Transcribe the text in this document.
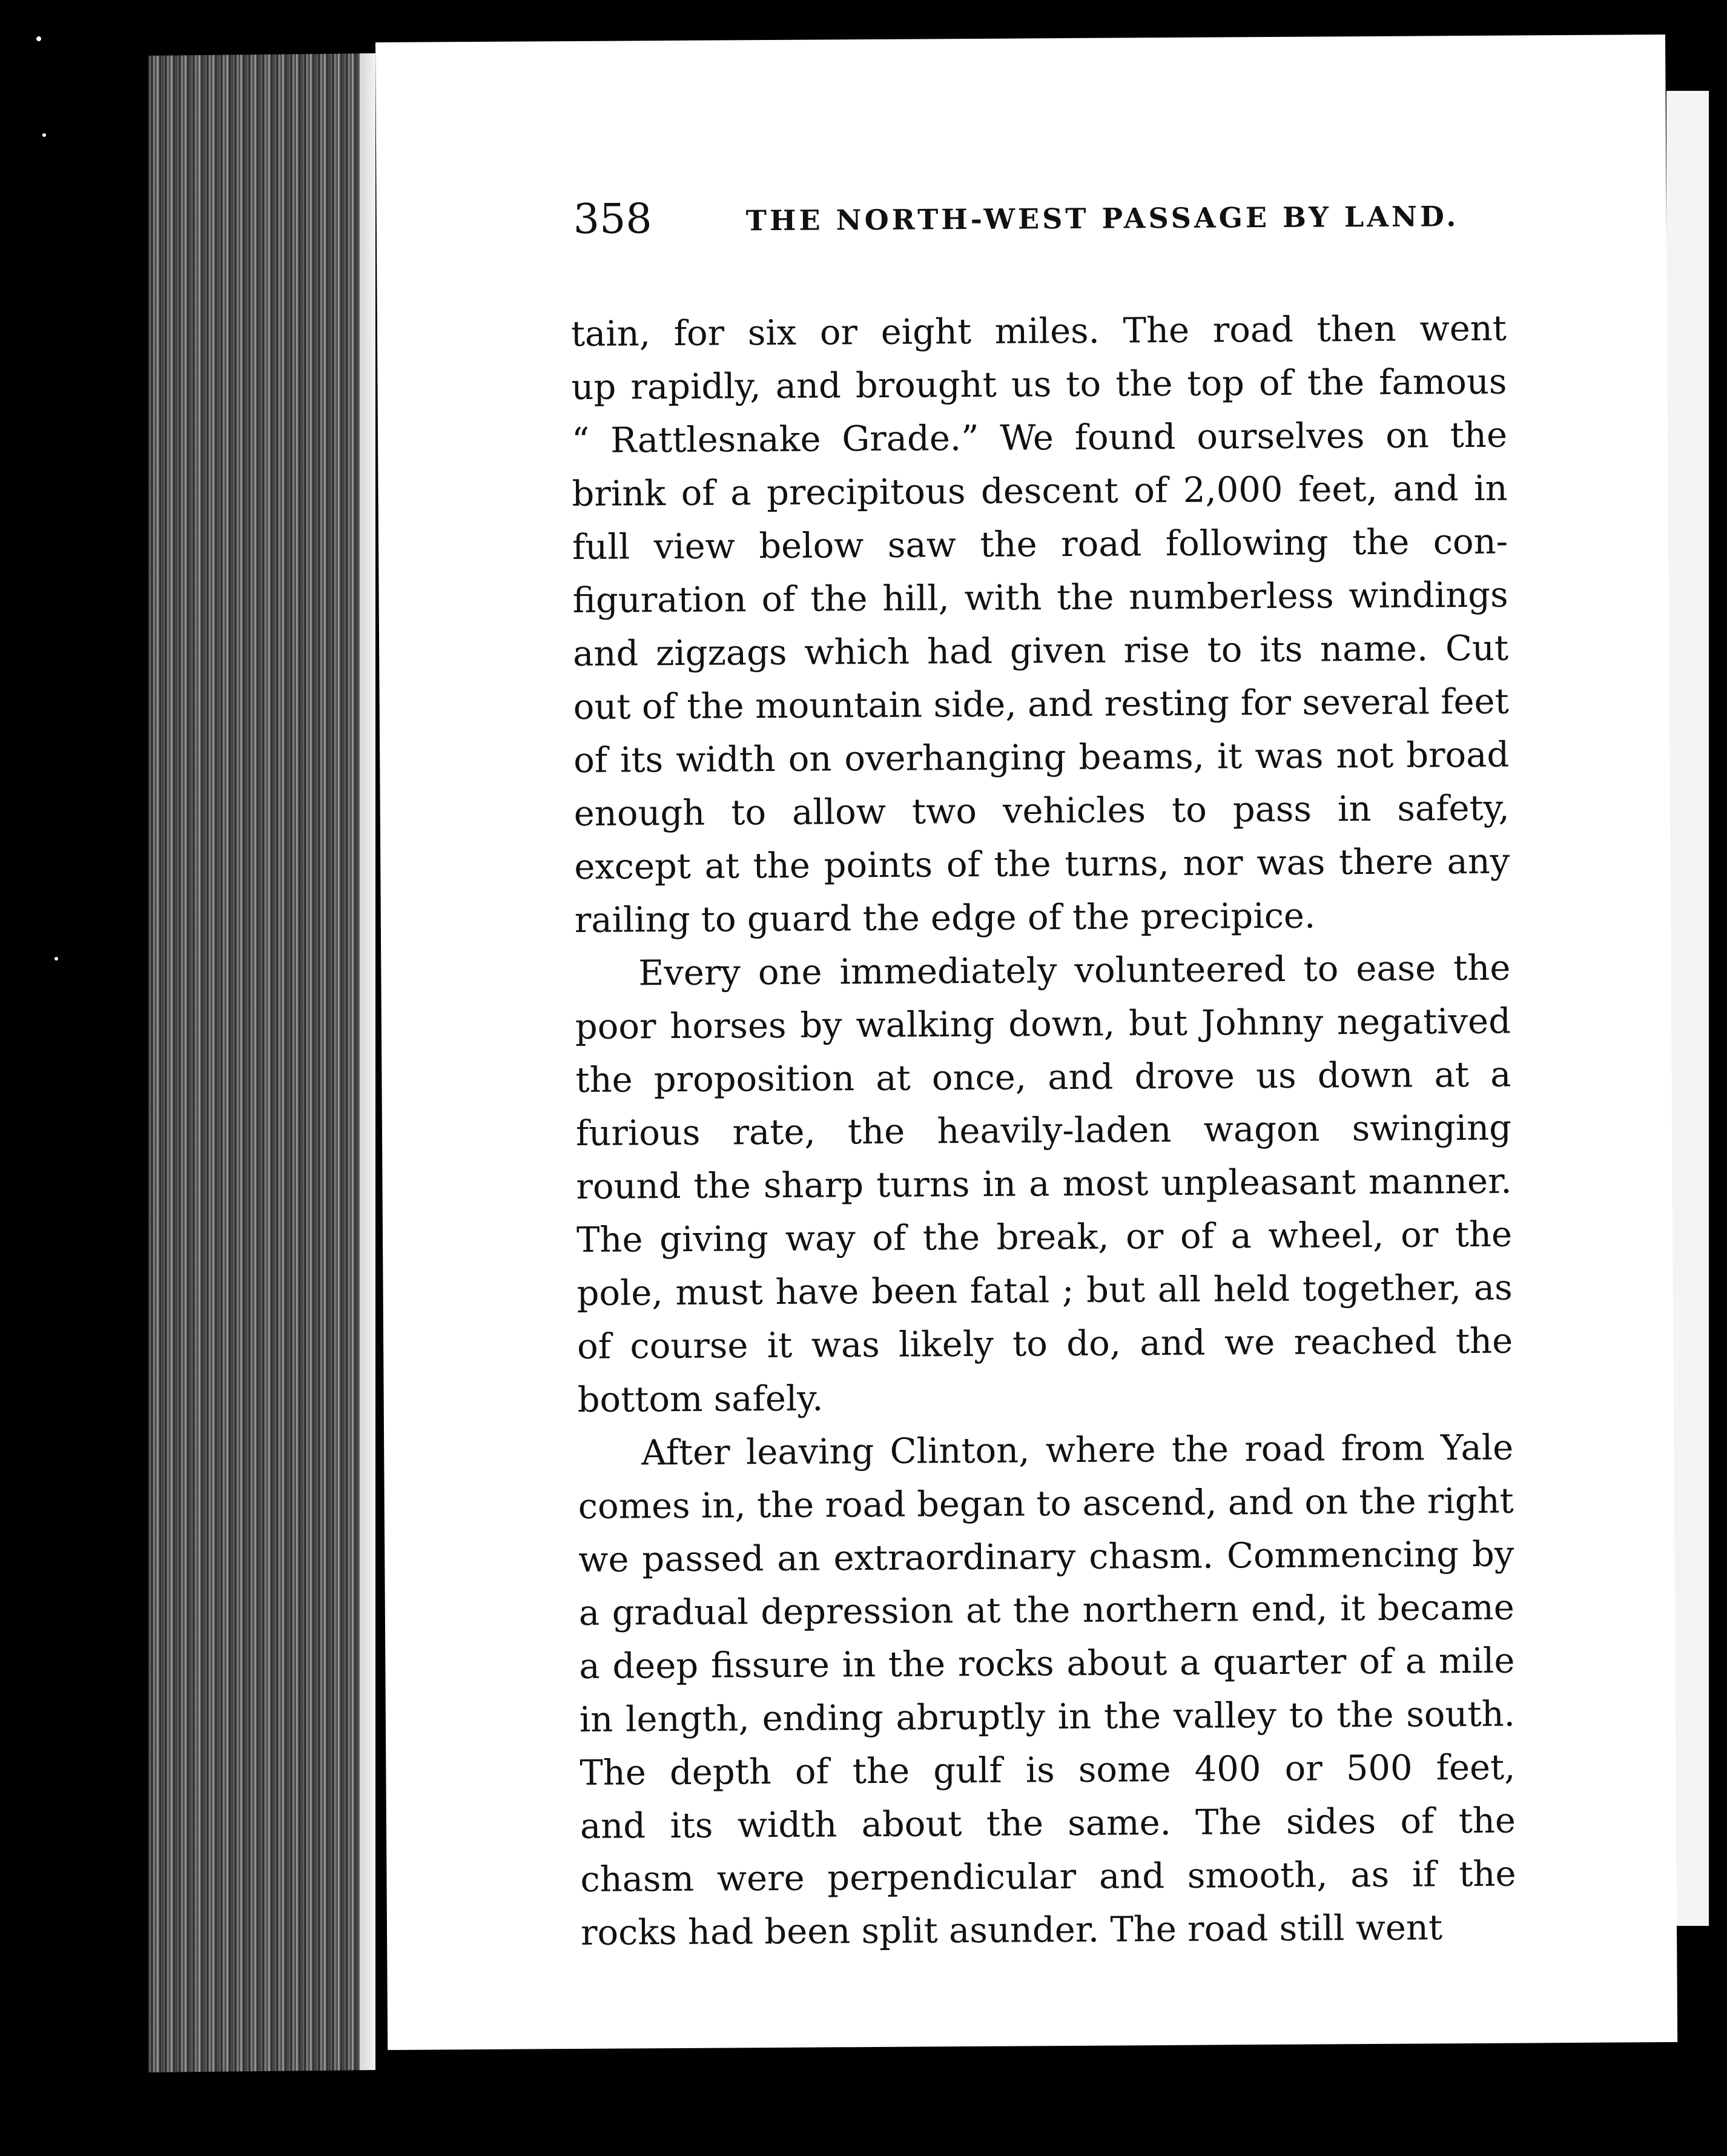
358	THE NORTH-WEST PASSAGE BY LAND.
tain, for six or eight miles. The road then went
up rapidly, and brought us to the top of the famous
“ Rattlesnake Grade.” We found ourselves on the
brink of a precipitous descent of 2,000 feet, and in
full view below saw the road following the con-
figuration of the hill, with the numberless windings
and zigzags which had given rise to its name. Cut
out of the mountain side, and resting for several feet
of its width on overhanging beams, it was not broad
enough to allow two vehicles to pass in safety,
except at the points of the turns, nor was there any
railing to guard the edge of the precipice.
Every one immediately volunteered to ease the
poor horses by walking down, but Johnny negatived
the proposition at once, and drove us down at a
furious rate, the heavily-laden wagon swinging
round the sharp turns in a most unpleasant manner.
The giving way of the break, or of a wheel, or the
pole, must have been fatal ; but all held together, as
of course it was likely to do, and we reached the
bottom safely.
After leaving Clinton, where the road from Yale
comes in, the road began to ascend, and on the right
we passed an extraordinary chasm. Commencing by
a gradual depression at the northern end, it became
a deep fissure in the rocks about a quarter of a mile
in length, ending abruptly in the valley to the south.
The depth of the gulf is some 400 or 500 feet,
and its width about the same. The sides of the
chasm were perpendicular and smooth, as if the
rocks had been split asunder. The road still went
